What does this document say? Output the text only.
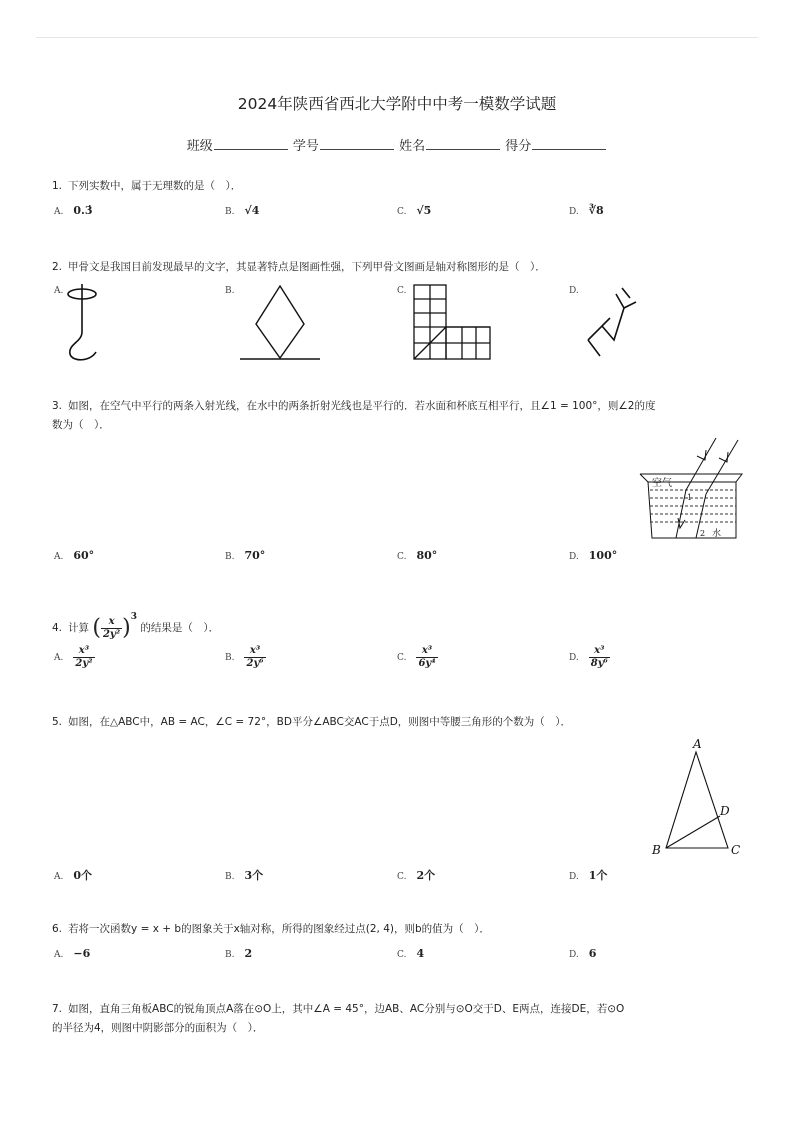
2024年陕西省西北大学附中中考一模数学试题
班级	学号	姓名	得分
1. 下列实数中，属于无理数的是（　）．
A. 0.3̇	B. √4	C. √5	D. ∛8
2. 甲骨文是我国目前发现最早的文字，其显著特点是图画性强，下列甲骨文图画是轴对称图形的是（　）．
A.	B.	C.	D.
3. 如图，在空气中平行的两条入射光线，在水中的两条折射光线也是平行的．若水面和杯底互相平行，且∠1 = 100°，则∠2的度
数为（　）．
空气
1
2 水
A. 60°	B. 70°	C. 80°	D. 100°
4. 计算 ( $\frac{x}{\text{2y²}} )^3$ 的结果是（　）．
A. $\frac{\text{x³}}{\text{2y²}}$	B. $\frac{\text{x³}}{\text{2y⁶}}$	C. $\frac{\text{x³}}{\text{6y⁴}}$	D. $\frac{\text{x³}}{\text{8y⁶}}$
5. 如图，在△ABC中，AB = AC，∠C = 72°，BD平分∠ABC交AC于点D，则图中等腰三角形的个数为（　）．
A
B	C
D
A. 0个	B. 3个	C. 2个	D. 1个
6. 若将一次函数y = x + b的图象关于x轴对称，所得的图象经过点(2, 4)，则b的值为（　）．
A. −6	B. 2	C. 4	D. 6
7. 如图，直角三角板ABC的锐角顶点A落在⊙O上，其中∠A = 45°，边AB、AC分别与⊙O交于D、E两点，连接DE，若⊙O
的半径为4，则图中阴影部分的面积为（　）．
